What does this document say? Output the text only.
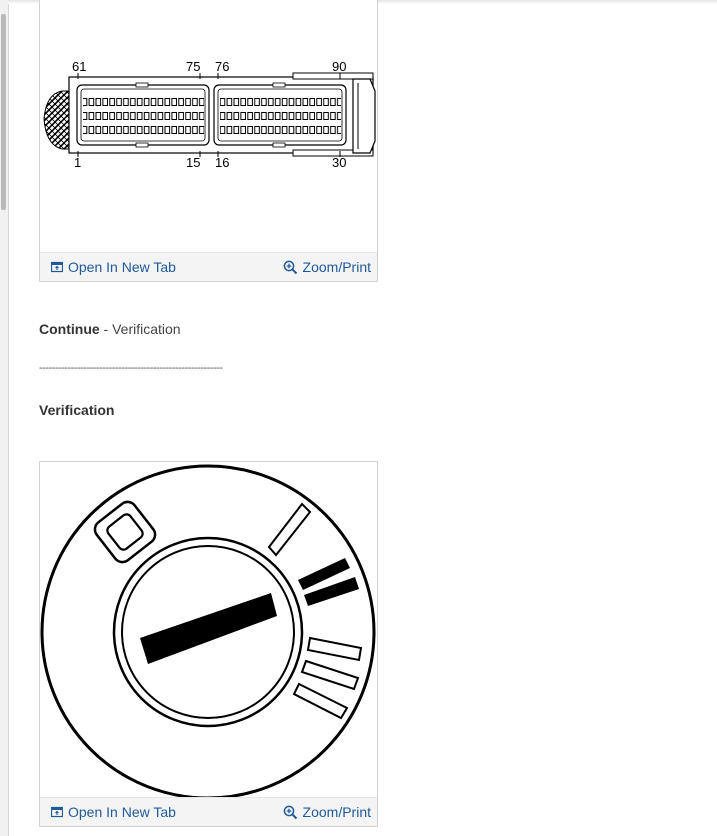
61	75 76	90
1	15 16	30
Open In New Tab	Zoom/Print
Continue - Verification
----------------------------------------------------------
Verification
Open In New Tab	Zoom/Print
